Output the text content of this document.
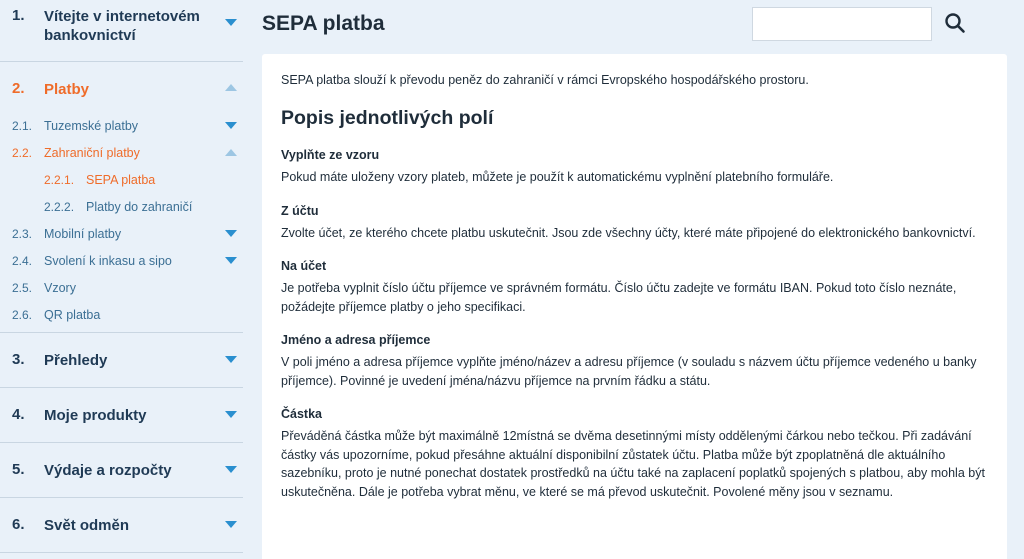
1.	Vítejte v internetovém bankovnictví
2.	Platby
2.1. Tuzemské platby
2.2. Zahraniční platby
2.2.1. SEPA platba
2.2.2. Platby do zahraničí
2.3. Mobilní platby
2.4. Svolení k inkasu a sipo
2.5. Vzory
2.6. QR platba
3.	Přehledy
4.	Moje produkty
5.	Výdaje a rozpočty
6.	Svět odměn
SEPA platba

SEPA platba slouží k převodu peněz do zahraničí v rámci Evropského hospodářského prostoru.

Popis jednotlivých polí
Vyplňte ze vzoru
Pokud máte uloženy vzory plateb, můžete je použít k automatickému vyplnění platebního formuláře.
Z účtu
Zvolte účet, ze kterého chcete platbu uskutečnit. Jsou zde všechny účty, které máte připojené do elektronického bankovnictví.
Na účet
Je potřeba vyplnit číslo účtu příjemce ve správném formátu. Číslo účtu zadejte ve formátu IBAN. Pokud toto číslo neznáte, požádejte příjemce platby o jeho specifikaci.
Jméno a adresa příjemce
V poli jméno a adresa příjemce vyplňte jméno/název a adresu příjemce (v souladu s názvem účtu příjemce vedeného u banky příjemce). Povinné je uvedení jména/názvu příjemce na prvním řádku a státu.
Částka
Převáděná částka může být maximálně 12místná se dvěma desetinnými místy oddělenými čárkou nebo tečkou. Při zadávání částky vás upozorníme, pokud přesáhne aktuální disponibilní zůstatek účtu. Platba může být zpoplatněná dle aktuálního sazebníku, proto je nutné ponechat dostatek prostředků na účtu také na zaplacení poplatků spojených s platbou, aby mohla být uskutečněna. Dále je potřeba vybrat měnu, ve které se má převod uskutečnit. Povolené měny jsou v seznamu.
